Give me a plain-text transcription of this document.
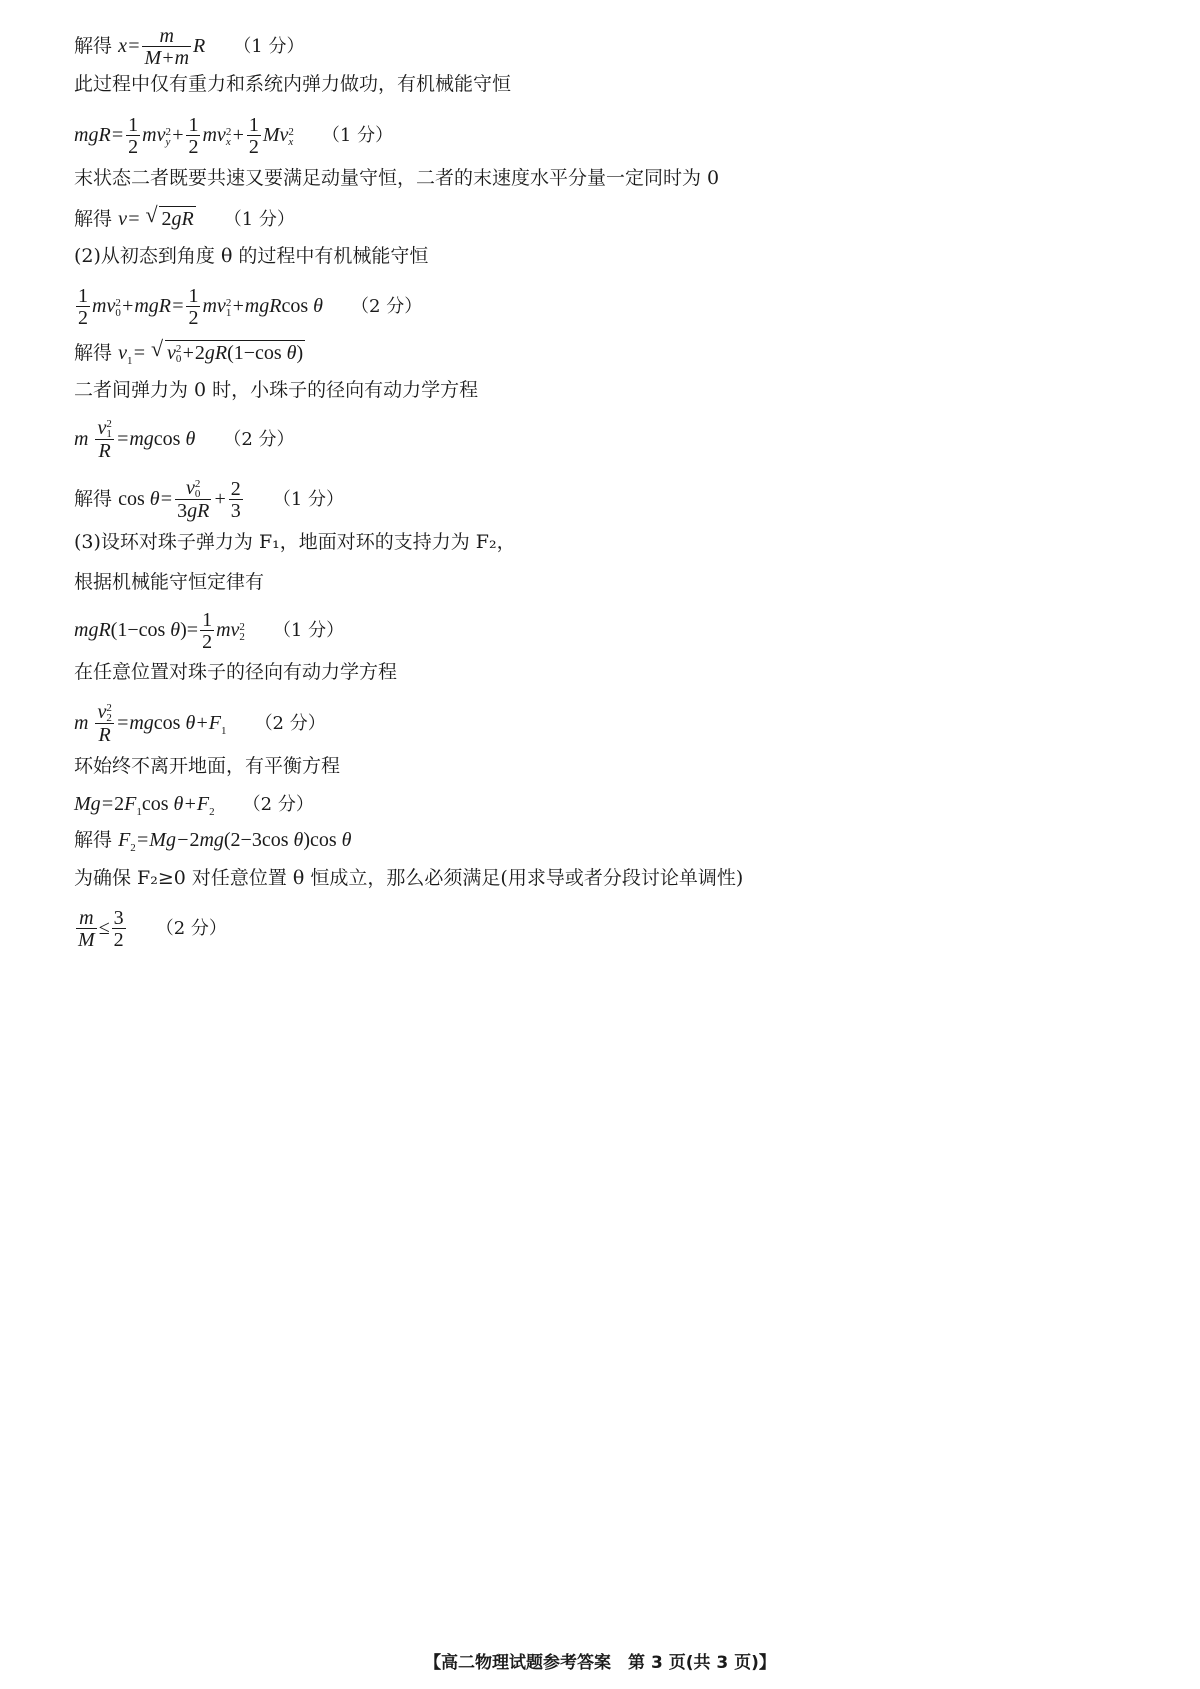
解得 $x= \frac{m}{M+m}$ R （1 分）
此过程中仅有重力和系统内弹力做功，有机械能守恒
$mgR= \frac{1}{2}$ mv 2
$y + \frac{1}{2}$ mv 2
$x + \frac{1}{2}$ Mv 2
x （1 分）
末状态二者既要共速又要满足动量守恒，二者的末速度水平分量一定同时为 0
解得 v= √ 2gR （1 分）
(2)从初态到角度 θ 的过程中有机械能守恒
$\frac{1}{2}$ mv 2
$0 +mgR= \frac{1}{2}$ mv 2
1 +mgRcos θ （2 分）
解得 $v_1=$ √ v 2
0 +2gR(1−cos θ)
二者间弹力为 0 时，小珠子的径向有动力学方程
m v 2
1
R =mgcos θ （2 分）
解得 cos θ= v 2
0
$3gR + \frac{2}{3} (1$ 分）
(3)设环对珠子弹力为 F₁，地面对环的支持力为 F₂，
根据机械能守恒定律有
mgR(1−cos $\theta)= \frac{1}{2}$ mv 2
2 （1 分）
在任意位置对珠子的径向有动力学方程
m v 2
2
R =mgcos $\theta+F_1$ （2 分）
环始终不离开地面，有平衡方程
$Mg=2F_1\cos$ $\theta+F_2$ （2 分）
解得 $F_2=Mg-2mg(2-3\cos$ θ)cos θ
为确保 F₂≥0 对任意位置 θ 恒成立，那么必须满足(用求导或者分段讨论单调性)
$\frac{m}{M} \le \frac{3}{2} (2$ 分）
【高二物理试题参考答案　第 3 页(共 3 页)】
